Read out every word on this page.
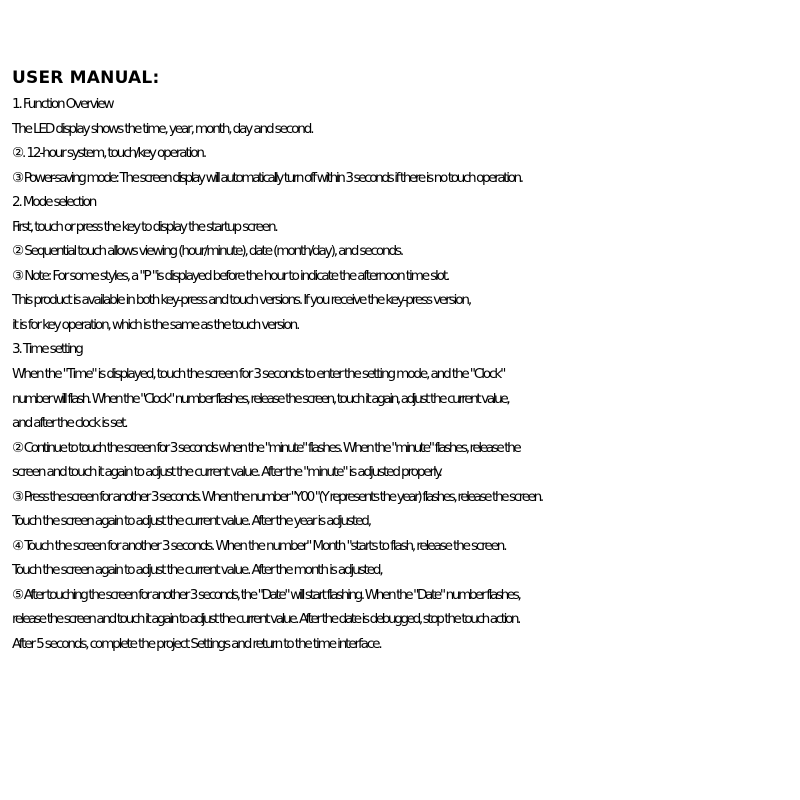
USER MANUAL:
1. Function Overview
The LED display shows the time, year, month, day and second.
②. 12-hour system, touch/key operation.
③ Power-saving mode: The screen display will automatically turn off within 3 seconds if there is no touch operation.
2. Mode selection
First, touch or press the key to display the startup screen.
② Sequential touch allows viewing (hour/minute), date (month/day), and seconds.
③ Note: For some styles, a "P "is displayed before the hour to indicate the afternoon time slot.
This product is available in both key-press and touch versions. If you receive the key-press version,
it is for key operation, which is the same as the touch version.
3. Time setting
When the "Time" is displayed, touch the screen for 3 seconds to enter the setting mode, and the "Clock"
number will flash. When the "Clock" number flashes, release the screen, touch it again, adjust the current value,
and after the clock is set.
② Continue to touch the screen for 3 seconds when the "minute" flashes. When the "minute" flashes, release the
screen and touch it again to adjust the current value. After the "minute" is adjusted properly.
③ Press the screen for another 3 seconds. When the number "Y00 "(Y represents the year) flashes, release the screen.
Touch the screen again to adjust the current value. After the year is adjusted,
④ Touch the screen for another 3 seconds. When the number" Month "starts to flash, release the screen.
Touch the screen again to adjust the current value. After the month is adjusted,
⑤ After touching the screen for another 3 seconds, the "Date" will start flashing. When the "Date" number flashes,
release the screen and touch it again to adjust the current value. After the date is debugged, stop the touch action.
After 5 seconds, complete the project Settings and return to the time interface.
